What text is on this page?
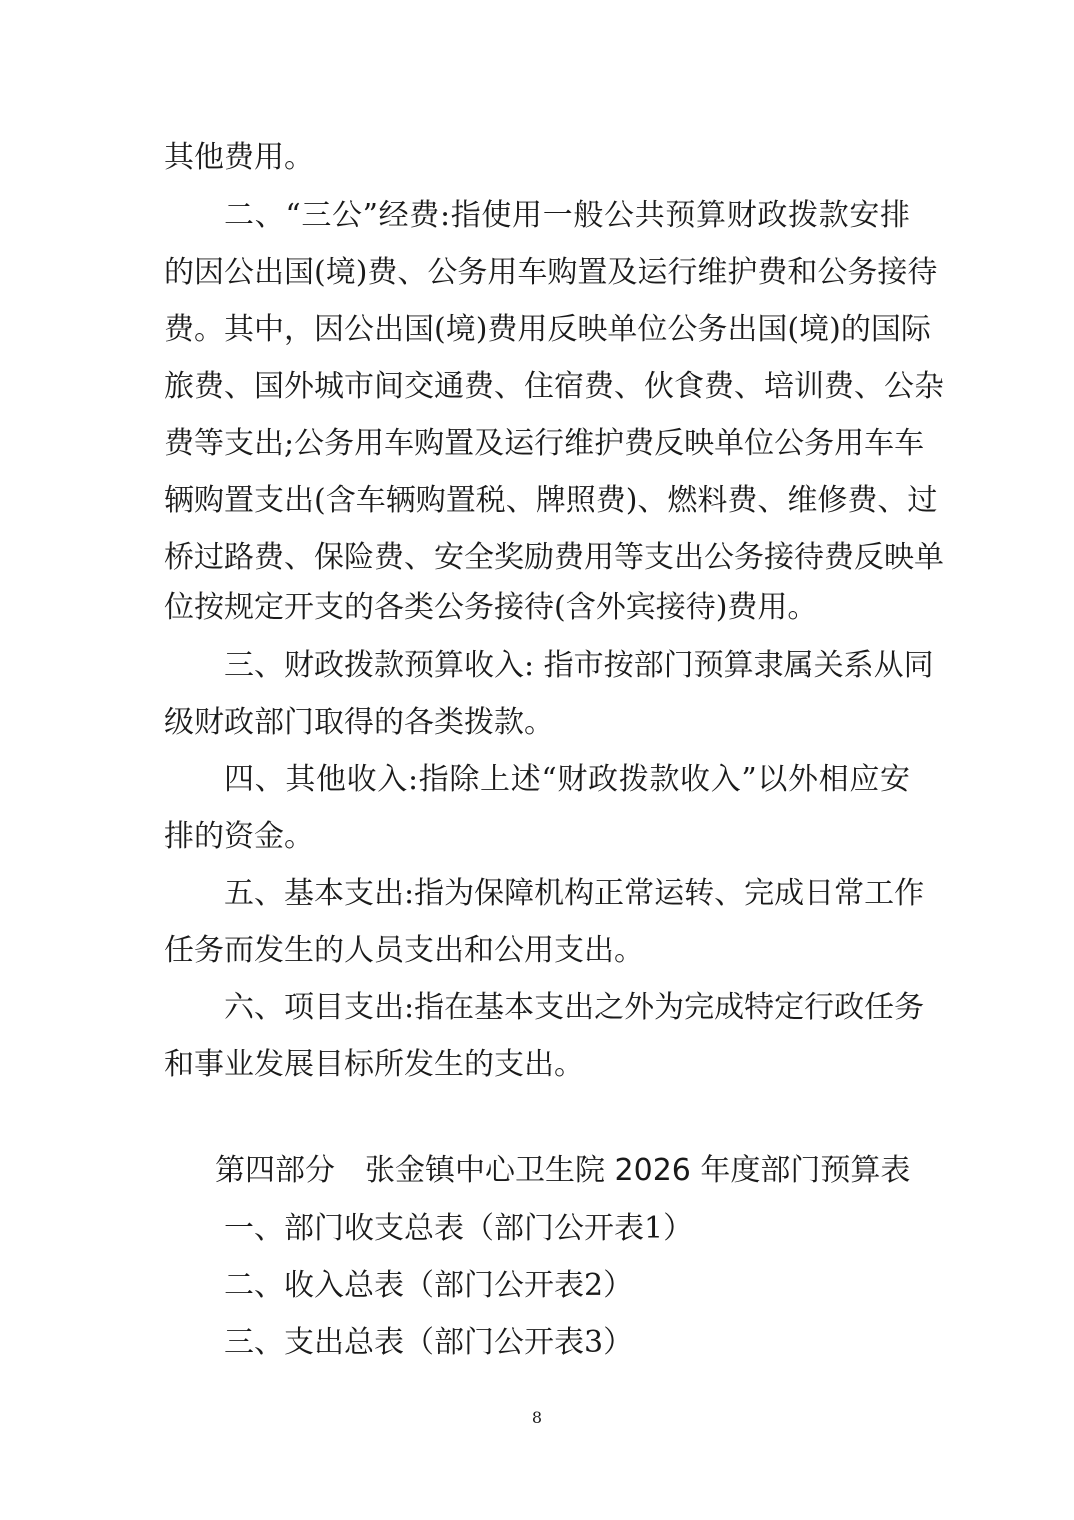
其他费用。
二、“三公”经费:指使用一般公共预算财政拨款安排
的因公出国(境)费、公务用车购置及运行维护费和公务接待
费。其中，因公出国(境)费用反映单位公务出国(境)的国际
旅费、国外城市间交通费、住宿费、伙食费、培训费、公杂
费等支出;公务用车购置及运行维护费反映单位公务用车车
辆购置支出(含车辆购置税、牌照费)、燃料费、维修费、过
桥过路费、保险费、安全奖励费用等支出公务接待费反映单
位按规定开支的各类公务接待(含外宾接待)费用。
三、财政拨款预算收入: 指市按部门预算隶属关系从同
级财政部门取得的各类拨款。
四、其他收入:指除上述“财政拨款收入”以外相应安
排的资金。
五、基本支出:指为保障机构正常运转、完成日常工作
任务而发生的人员支出和公用支出。
六、项目支出:指在基本支出之外为完成特定行政任务
和事业发展目标所发生的支出。
第四部分　张金镇中心卫生院 2026 年度部门预算表
一、部门收支总表（部门公开表1）
二、收入总表（部门公开表2）
三、支出总表（部门公开表3）
8
